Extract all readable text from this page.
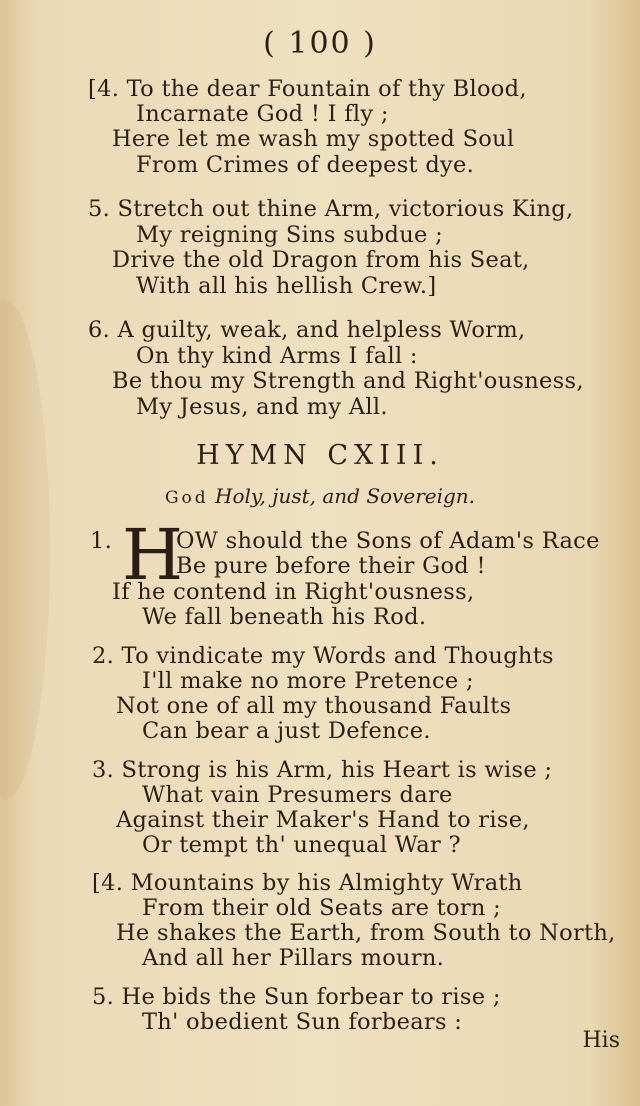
( 100 )
[4. To the dear Fountain of thy Blood,
Incarnate God ! I fly ;
Here let me wash my spotted Soul
From Crimes of deepest dye.
5. Stretch out thine Arm, victorious King,
My reigning Sins subdue ;
Drive the old Dragon from his Seat,
With all his hellish Crew.]
6. A guilty, weak, and helpless Worm,
On thy kind Arms I fall :
Be thou my Strength and Right'ousness,
My Jesus, and my All.
HYMN CXIII.
God Holy, just, and Sovereign.
1. H
OW should the Sons of Adam's Race
Be pure before their God !
If he contend in Right'ousness,
We fall beneath his Rod.
2. To vindicate my Words and Thoughts
I'll make no more Pretence ;
Not one of all my thousand Faults
Can bear a just Defence.
3. Strong is his Arm, his Heart is wise ;
What vain Presumers dare
Against their Maker's Hand to rise,
Or tempt th' unequal War ?
[4. Mountains by his Almighty Wrath
From their old Seats are torn ;
He shakes the Earth, from South to North,
And all her Pillars mourn.
5. He bids the Sun forbear to rise ;
Th' obedient Sun forbears :
His
